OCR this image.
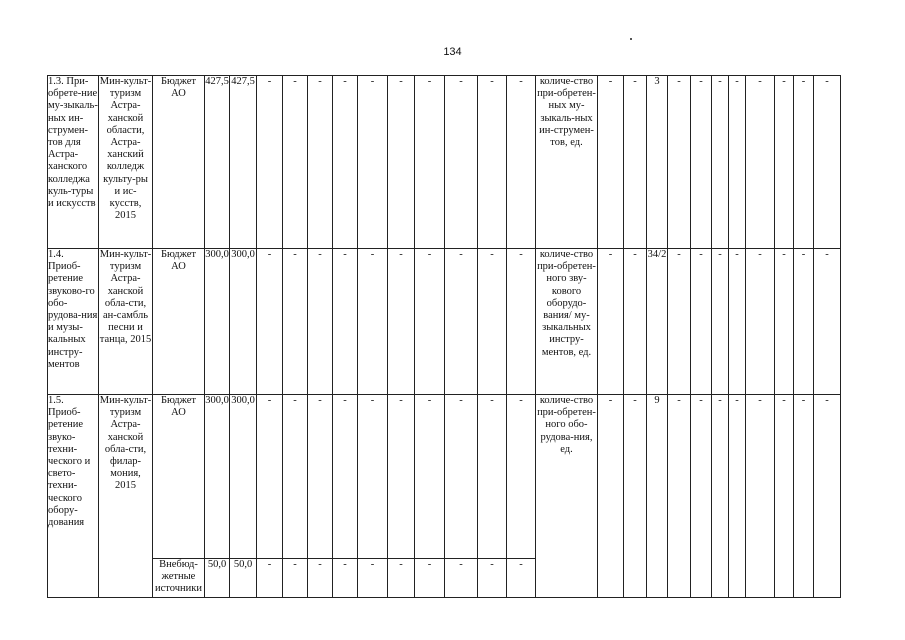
134
1.3. При-обрете-ние му-зыкаль-ных ин-струмен-тов для Астра-ханского колледжа куль-туры и искусств	Мин-культ-туризм Астра-ханской области, Астра-ханский колледж культу-ры и ис-кусств, 2015	Бюджет АО	427,5	427,5	-	-	-	-	-	-	-	-	-	-	количе-ство при-обретен-ных му-зыкаль-ных ин-струмен-тов, ед.	-	-	3	-	-	-	-	-	-	-	-
1.4. Приоб-ретение звуково-го обо-рудова-ния и музы-кальных инстру-ментов	Мин-культ-туризм Астра-ханской обла-сти, ан-самбль песни и танца, 2015	Бюджет АО	300,0	300,0	-	-	-	-	-	-	-	-	-	-	количе-ство при-обретен-ного зву-кового оборудо-вания/ му-зыкальных инстру-ментов, ед.	-	-	34/2	-	-	-	-	-	-	-	-
1.5. Приоб-ретение звуко-техни-ческого и свето-техни-ческого обору-дования	Мин-культ-туризм Астра-ханской обла-сти, филар-мония, 2015	Бюджет АО	300,0	300,0	-	-	-	-	-	-	-	-	-	-	количе-ство при-обретен-ного обо-рудова-ния, ед.	-	-	9	-	-	-	-	-	-	-	-
		Внебюд-жетные источники	50,0	50,0	-	-	-	-	-	-	-	-	-	-												
